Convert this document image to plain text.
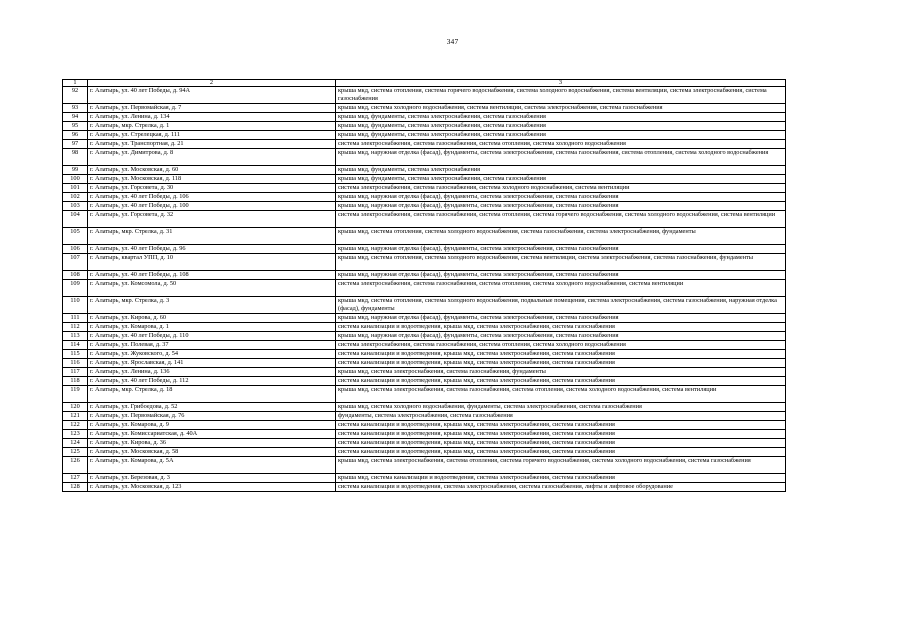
347
1	2	3
92	г. Алатырь, ул. 40 лет Победы, д. 94А	крыша мкд, система отопления, система горячего водоснабжения, система холодного водоснабжения, система вентиляции, система электроснабжения, система газоснабжения
93	г. Алатырь, ул. Первомайская, д. 7	крыша мкд, система холодного водоснабжения, система вентиляции, система электроснабжения, система газоснабжения
94	г. Алатырь, ул. Ленина, д. 134	крыша мкд, фундаменты, система электроснабжения, система газоснабжения
95	г. Алатырь, мкр. Стрелка, д. 1	крыша мкд, фундаменты, система электроснабжения, система газоснабжения
96	г. Алатырь, ул. Стрелецкая, д. 111	крыша мкд, фундаменты, система электроснабжения, система газоснабжения
97	г. Алатырь, ул. Транспортная, д. 21	система электроснабжения, система газоснабжения, система отопления, система холодного водоснабжения
98	г. Алатырь, ул. Димитрова, д. 8	крыша мкд, наружная отделка (фасад), фундаменты, система электроснабжения, система газоснабжения, система отопления, система холодного водоснабжения
99	г. Алатырь, ул. Московская, д. 60	крыша мкд, фундаменты, система электроснабжения
100	г. Алатырь, ул. Московская, д. 118	крыша мкд, фундаменты, система электроснабжения, система газоснабжения
101	г. Алатырь, ул. Горсовета, д. 30	система электроснабжения, система газоснабжения, система холодного водоснабжения, система вентиляции
102	г. Алатырь, ул. 40 лет Победы, д. 106	крыша мкд, наружная отделка (фасад), фундаменты, система электроснабжения, система газоснабжения
103	г. Алатырь, ул. 40 лет Победы, д. 100	крыша мкд, наружная отделка (фасад), фундаменты, система электроснабжения, система газоснабжения
104	г. Алатырь, ул. Горсовета, д. 32	система электроснабжения, система газоснабжения, система отопления, система горячего водоснабжения, система холодного водоснабжения, система вентиляции
105	г. Алатырь, мкр. Стрелка, д. 31	крыша мкд, система отопления, система холодного водоснабжения, система газоснабжения, система электроснабжения, фундаменты
106	г. Алатырь, ул. 40 лет Победы, д. 96	крыша мкд, наружная отделка (фасад), фундаменты, система электроснабжения, система газоснабжения
107	г. Алатырь, квартал УПП, д. 10	крыша мкд, система отопления, система холодного водоснабжения, система вентиляции, система электроснабжения, система газоснабжения, фундаменты
108	г. Алатырь, ул. 40 лет Победы, д. 108	крыша мкд, наружная отделка (фасад), фундаменты, система электроснабжения, система газоснабжения
109	г. Алатырь, ул. Комсомола, д. 50	система электроснабжения, система газоснабжения, система отопления, система холодного водоснабжения, система вентиляции
110	г. Алатырь, мкр. Стрелка, д. 3	крыша мкд, система отопления, система холодного водоснабжения, подвальные помещения, система электроснабжения, система газоснабжения, наружная отделка (фасад), фундаменты
111	г. Алатырь, ул. Кирова, д. 60	крыша мкд, наружная отделка (фасад), фундаменты, система электроснабжения, система газоснабжения
112	г. Алатырь, ул. Комарова, д. 1	система канализации и водоотведения, крыша мкд, система электроснабжения, система газоснабжения
113	г. Алатырь, ул. 40 лет Победы, д. 110	крыша мкд, наружная отделка (фасад), фундаменты, система электроснабжения, система газоснабжения
114	г. Алатырь, ул. Полевая, д. 37	система электроснабжения, система газоснабжения, система отопления, система холодного водоснабжения
115	г. Алатырь, ул. Жуковского, д. 54	система канализации и водоотведения, крыша мкд, система электроснабжения, система газоснабжения
116	г. Алатырь, ул. Ярославская, д. 141	система канализации и водоотведения, крыша мкд, система электроснабжения, система газоснабжения
117	г. Алатырь, ул. Ленина, д. 136	крыша мкд, система электроснабжения, система газоснабжения, фундаменты
118	г. Алатырь, ул. 40 лет Победы, д. 112	система канализации и водоотведения, крыша мкд, система электроснабжения, система газоснабжения
119	г. Алатырь, мкр. Стрелка, д. 18	крыша мкд, система электроснабжения, система газоснабжения, система отопления, система холодного водоснабжения, система вентиляции
120	г. Алатырь, ул. Грибоедова, д. 52	крыша мкд, система холодного водоснабжения, фундаменты, система электроснабжения, система газоснабжения
121	г. Алатырь, ул. Первомайская, д. 76	фундаменты, система электроснабжения, система газоснабжения
122	г. Алатырь, ул. Комарова, д. 9	система канализации и водоотведения, крыша мкд, система электроснабжения, система газоснабжения
123	г. Алатырь, ул. Комиссариатская, д. 40А	система канализации и водоотведения, крыша мкд, система электроснабжения, система газоснабжения
124	г. Алатырь, ул. Кирова, д. 36	система канализации и водоотведения, крыша мкд, система электроснабжения, система газоснабжения
125	г. Алатырь, ул. Московская, д. 58	система канализации и водоотведения, крыша мкд, система электроснабжения, система газоснабжения
126	г. Алатырь, ул. Комарова, д. 5А	крыша мкд, система электроснабжения, система отопления, система горячего водоснабжения, система холодного водоснабжения, система газоснабжения
127	г. Алатырь, ул. Березовая, д. 3	крыша мкд, система канализации и водоотведения, система электроснабжения, система газоснабжения
128	г. Алатырь, ул. Московская, д. 123	система канализации и водоотведения, система электроснабжения, система газоснабжения, лифты и лифтовое оборудование
